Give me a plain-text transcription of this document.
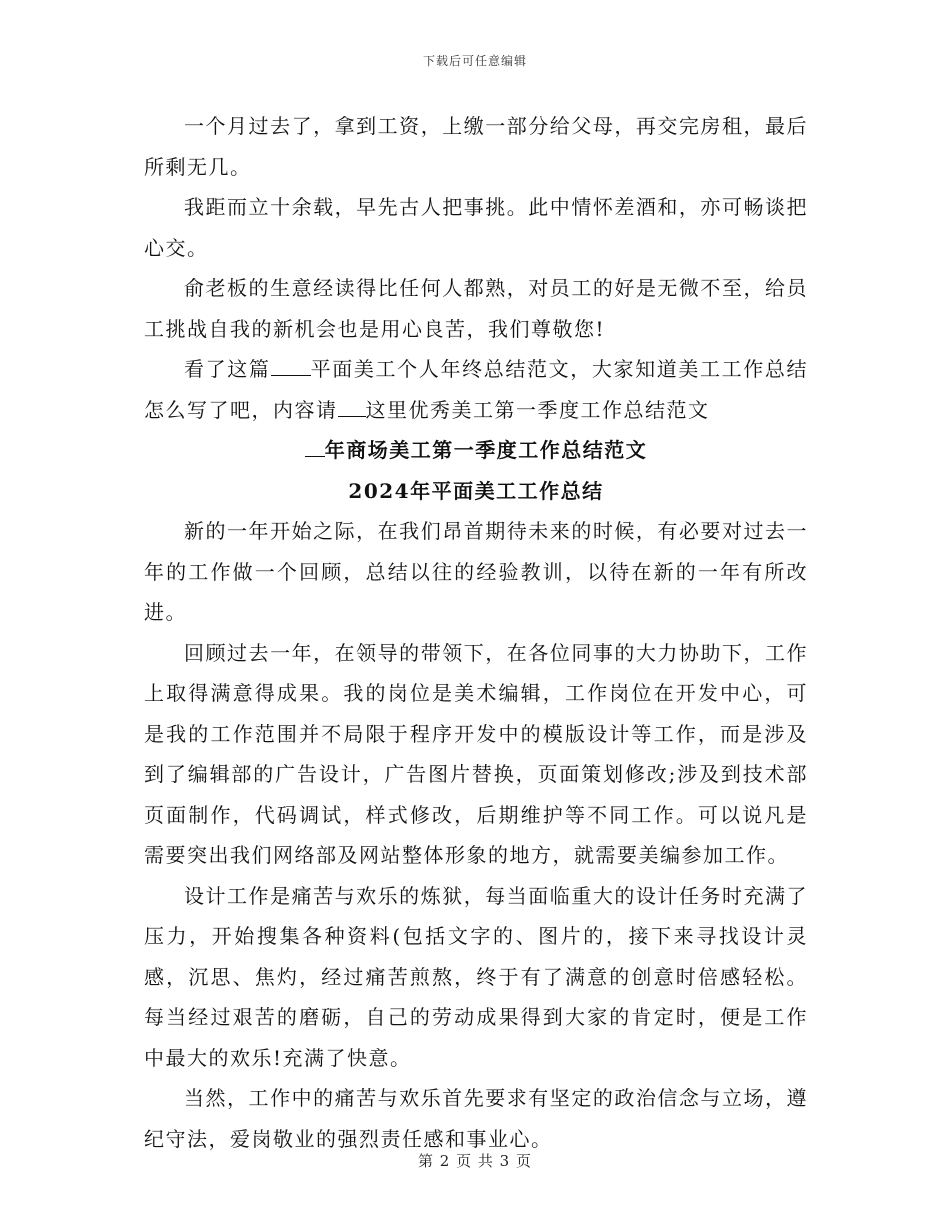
下载后可任意编辑

一个月过去了，拿到工资，上缴一部分给父母，再交完房租，最后所剩无几。

我距而立十余载，早先古人把事挑。此中情怀差酒和，亦可畅谈把心交。

俞老板的生意经读得比任何人都熟，对员工的好是无微不至，给员工挑战自我的新机会也是用心良苦，我们尊敬您!

看了这篇 平面美工个人年终总结范文，大家知道美工工作总结怎么写了吧，内容请 这里优秀美工第一季度工作总结范文

年商场美工第一季度工作总结范文
2024年平面美工工作总结

新的一年开始之际，在我们昂首期待未来的时候，有必要对过去一年的工作做一个回顾，总结以往的经验教训，以待在新的一年有所改进。

回顾过去一年，在领导的带领下，在各位同事的大力协助下，工作上取得满意得成果。我的岗位是美术编辑，工作岗位在开发中心，可是我的工作范围并不局限于程序开发中的模版设计等工作，而是涉及到了编辑部的广告设计，广告图片替换，页面策划修改;涉及到技术部页面制作，代码调试，样式修改，后期维护等不同工作。可以说凡是需要突出我们网络部及网站整体形象的地方，就需要美编参加工作。

设计工作是痛苦与欢乐的炼狱，每当面临重大的设计任务时充满了压力，开始搜集各种资料(包括文字的、图片的，接下来寻找设计灵感，沉思、焦灼，经过痛苦煎熬，终于有了满意的创意时倍感轻松。每当经过艰苦的磨砺，自己的劳动成果得到大家的肯定时，便是工作中最大的欢乐!充满了快意。

当然，工作中的痛苦与欢乐首先要求有坚定的政治信念与立场，遵纪守法，爱岗敬业的强烈责任感和事业心。

第 2 页 共 3 页
